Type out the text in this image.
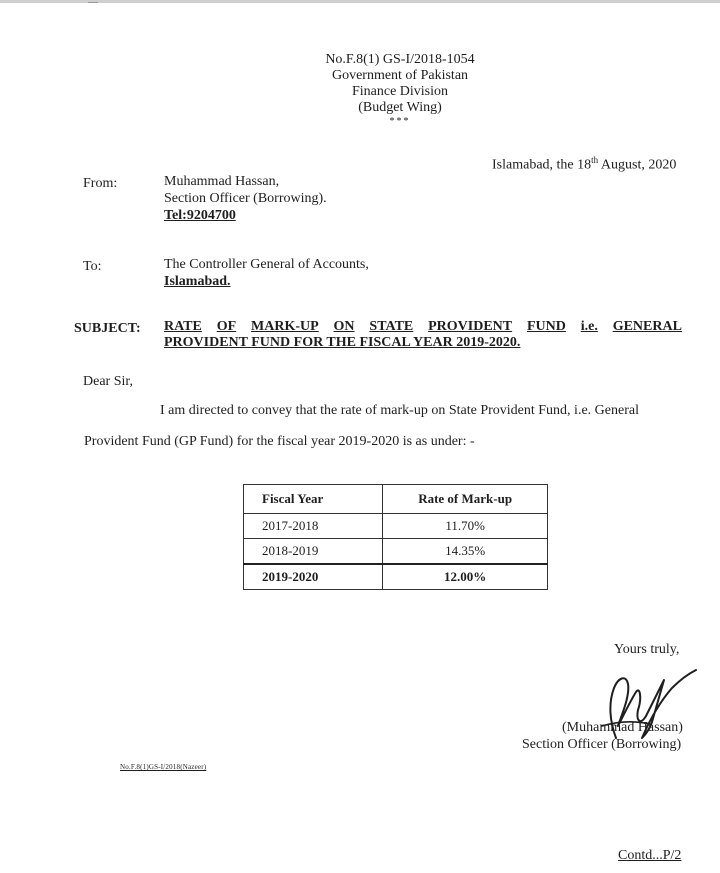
No.F.8(1) GS-I/2018-1054
Government of Pakistan
Finance Division
(Budget Wing)
***
Islamabad, the 18th August, 2020
From:	Muhammad Hassan,
Section Officer (Borrowing).
Tel:9204700
To:	The Controller General of Accounts,
Islamabad.
SUBJECT: RATE OF MARK-UP ON STATE PROVIDENT FUND i.e. GENERAL
PROVIDENT FUND FOR THE FISCAL YEAR 2019-2020.
Dear Sir,
I am directed to convey that the rate of mark-up on State Provident Fund, i.e. General
Provident Fund (GP Fund) for the fiscal year 2019-2020 is as under: -
Fiscal Year	Rate of Mark-up
2017-2018	11.70%
2018-2019	14.35%
2019-2020	12.00%
Yours truly,
(Muhammad Hassan)
Section Officer (Borrowing)
No.F.8(1)GS-I/2018(Nazeer)
Contd...P/2
